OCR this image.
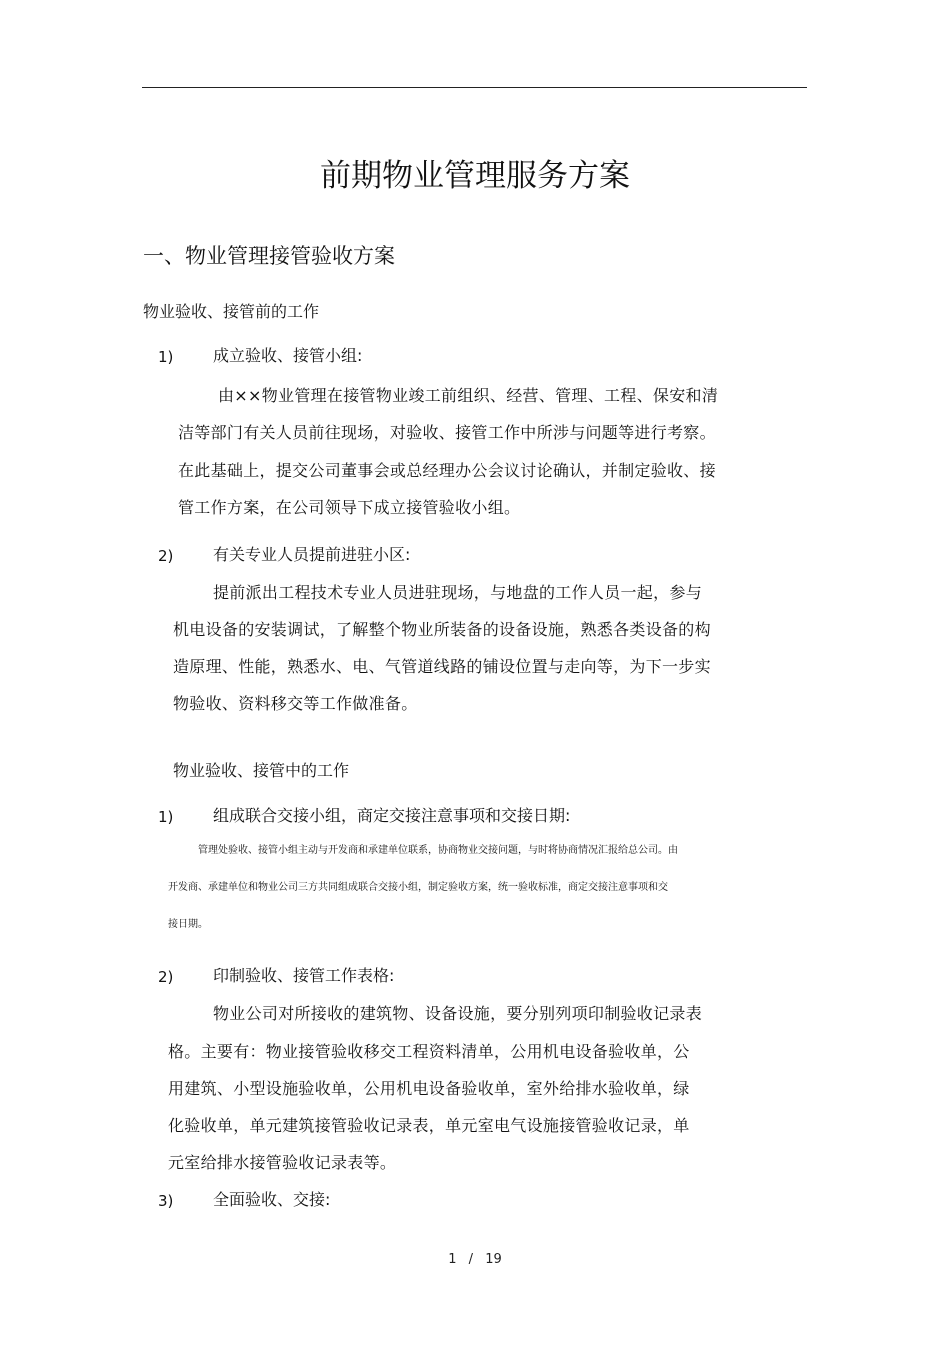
前期物业管理服务方案
一、物业管理接管验收方案
物业验收、接管前的工作
1) 成立验收、接管小组:
由××物业管理在接管物业竣工前组织、经营、管理、工程、保安和清
洁等部门有关人员前往现场，对验收、接管工作中所涉与问题等进行考察。
在此基础上，提交公司董事会或总经理办公会议讨论确认，并制定验收、接
管工作方案，在公司领导下成立接管验收小组。
2) 有关专业人员提前进驻小区:
提前派出工程技术专业人员进驻现场，与地盘的工作人员一起，参与
机电设备的安装调试，了解整个物业所装备的设备设施，熟悉各类设备的构
造原理、性能，熟悉水、电、气管道线路的铺设位置与走向等，为下一步实
物验收、资料移交等工作做准备。
物业验收、接管中的工作
1) 组成联合交接小组，商定交接注意事项和交接日期:
管理处验收、接管小组主动与开发商和承建单位联系，协商物业交接问题，与时将协商情况汇报给总公司。由
开发商、承建单位和物业公司三方共同组成联合交接小组，制定验收方案，统一验收标准，商定交接注意事项和交
接日期。
2) 印制验收、接管工作表格:
物业公司对所接收的建筑物、设备设施，要分别列项印制验收记录表
格。主要有：物业接管验收移交工程资料清单，公用机电设备验收单，公
用建筑、小型设施验收单，公用机电设备验收单，室外给排水验收单，绿
化验收单，单元建筑接管验收记录表，单元室电气设施接管验收记录，单
元室给排水接管验收记录表等。
3) 全面验收、交接:
1 / 19
